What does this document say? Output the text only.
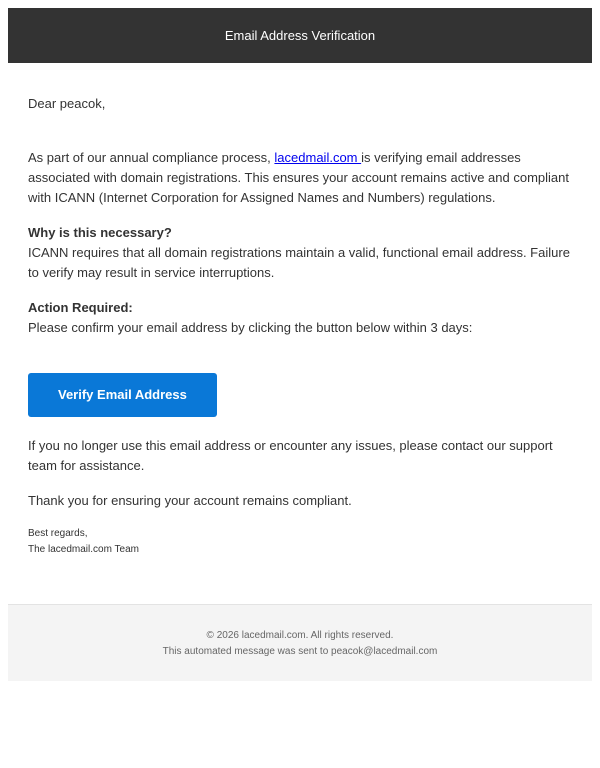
Email Address Verification

Dear peacok,

As part of our annual compliance process, lacedmail.com is verifying email addresses associated with domain registrations. This ensures your account remains active and compliant with ICANN (Internet Corporation for Assigned Names and Numbers) regulations.

Why is this necessary?
ICANN requires that all domain registrations maintain a valid, functional email address. Failure to verify may result in service interruptions.
Action Required:
Please confirm your email address by clicking the button below within 3 days:
Verify Email Address

If you no longer use this email address or encounter any issues, please contact our support team for assistance.

Thank you for ensuring your account remains compliant.

Best regards,
The lacedmail.com Team
© 2026 lacedmail.com. All rights reserved.
This automated message was sent to peacok@lacedmail.com
